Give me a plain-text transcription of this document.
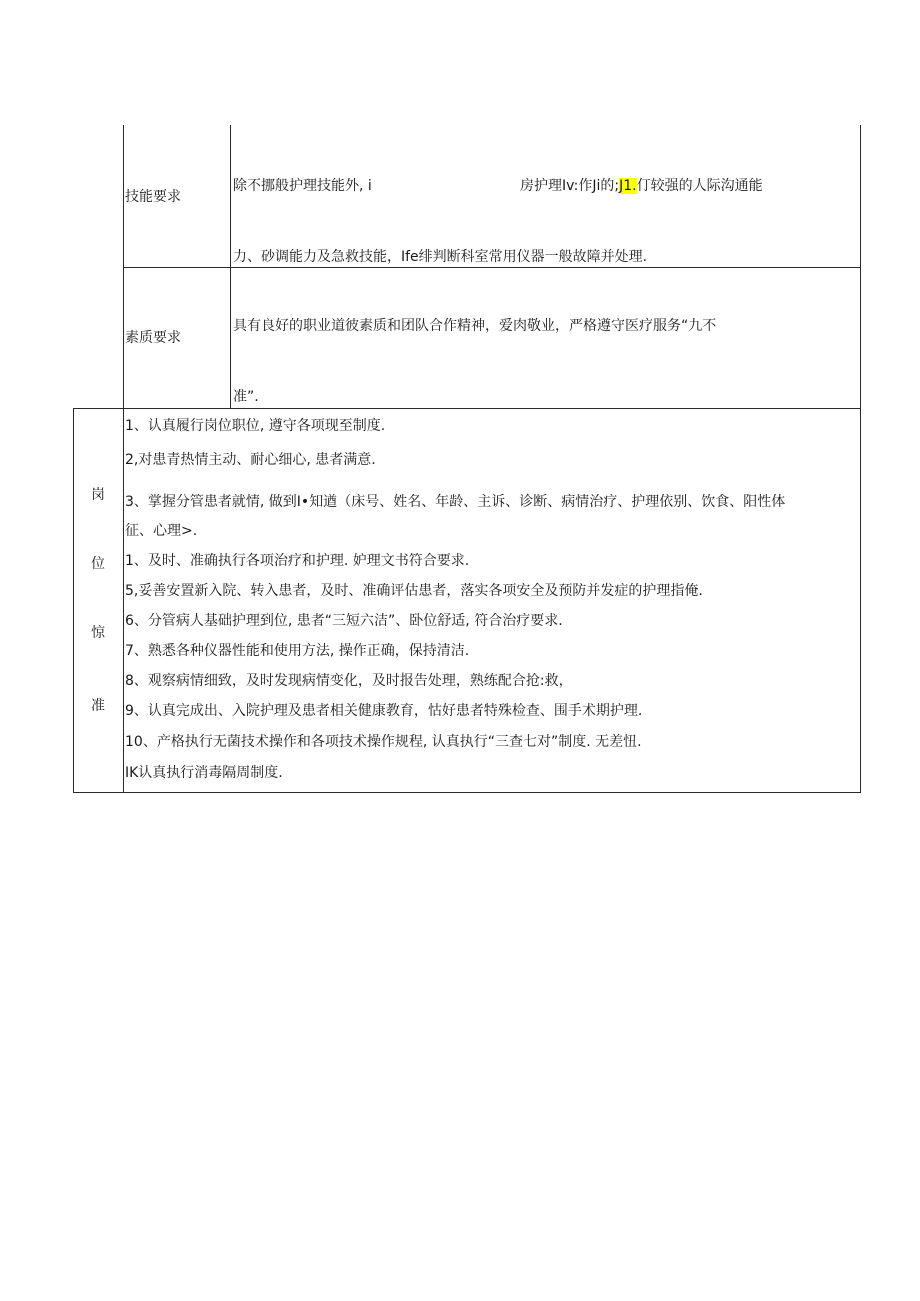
技能要求
除不挪般护理技能外, i	房护理Iv:作Ji的;J1.仃较强的人际沟通能
力、砂调能力及急救技能，Ife绯判断科室常用仪器一般故障并处理.
素质要求
具有良好的职业道彼素质和团队合作精神，爱肉敬业，严格遵守医疗服务“九不
准”.
岗
位
惊
准
1、认真履行岗位职位, 遵守各项现至制度.
2,对患青热情主动、耐心细心, 患者满意.
3、掌握分管患者就情, 做到I•知遒（床号、姓名、年龄、主诉、诊断、病情治疗、护理依别、饮食、阳性体
征、心理>.
1、及时、准确执行各项治疗和护理. 妒理文书符合要求.
5,妥善安置新入院、转入患者，及时、准确评估患者，落实各项安全及预防并发症的护理指俺.
6、分管病人基础护理到位, 患者“三短六洁”、卧位舒适, 符合治疗要求.
7、熟悉各种仪器性能和使用方法, 操作正确，保持清洁.
8、观察病情细致，及时发现病情变化，及时报告处理，熟练配合抢:救，
9、认真完成出、入院护理及患者相关健康教育，怙好患者特殊检查、围手术期护理.
10、产格执行无菌技术操作和各项技术操作规程, 认真执行“三查七对”制度. 无差忸.
IK认真执行消毒隔周制度.
